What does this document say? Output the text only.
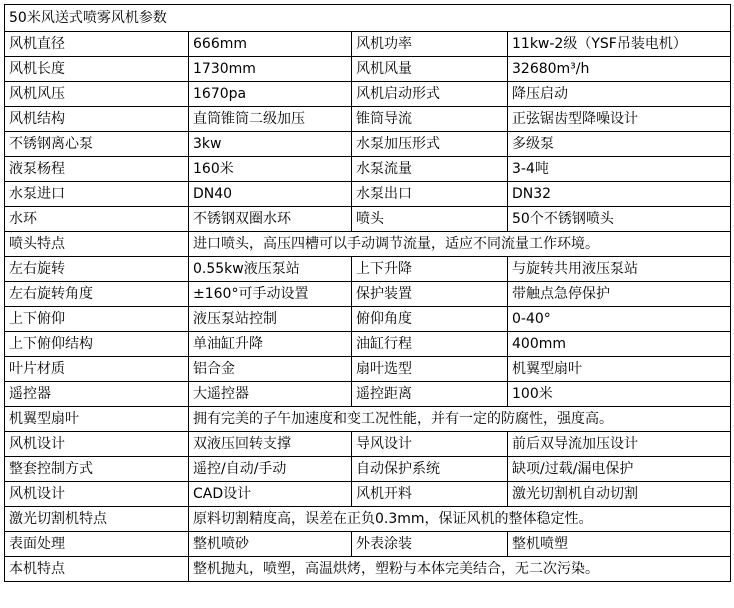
50米风送式喷雾风机参数			
风机直径	666mm	风机功率	11kw-2级（YSF吊装电机）
风机长度	1730mm	风机风量	32680m³/h
风机风压	1670pa	风机启动形式	降压启动
风机结构	直筒锥筒二级加压	锥筒导流	正弦锯齿型降噪设计
不锈钢离心泵	3kw	水泵加压形式	多级泵
液泵杨程	160米	水泵流量	3-4吨
水泵进口	DN40	水泵出口	DN32
水环	不锈钢双圈水环	喷头	50个不锈钢喷头
喷头特点	进口喷头，高压四槽可以手动调节流量，适应不同流量工作环境。		
左右旋转	0.55kw液压泵站	上下升降	与旋转共用液压泵站
左右旋转角度	±160°可手动设置	保护装置	带触点急停保护
上下俯仰	液压泵站控制	俯仰角度	0-40°
上下俯仰结构	单油缸升降	油缸行程	400mm
叶片材质	铝合金	扇叶选型	机翼型扇叶
遥控器	大遥控器	遥控距离	100米
机翼型扇叶	拥有完美的子午加速度和变工况性能，并有一定的防腐性，强度高。		
风机设计	双液压回转支撑	导风设计	前后双导流加压设计
整套控制方式	遥控/自动/手动	自动保护系统	缺项/过载/漏电保护
风机设计	CAD设计	风机开料	激光切割机自动切割
激光切割机特点	原料切割精度高，误差在正负0.3mm，保证风机的整体稳定性。		
表面处理	整机喷砂	外表涂装	整机喷塑
本机特点	整机抛丸，喷塑，高温烘烤，塑粉与本体完美结合，无二次污染。		
